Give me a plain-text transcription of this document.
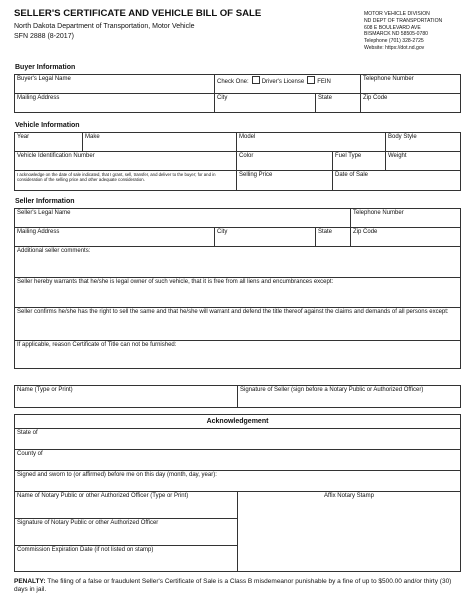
SELLER'S CERTIFICATE AND VEHICLE BILL OF SALE
North Dakota Department of Transportation, Motor Vehicle
SFN 2888 (8-2017)
MOTOR VEHICLE DIVISION
ND DEPT OF TRANSPORTATION
608 E BOULEVARD AVE
BISMARCK ND 58505-0780
Telephone (701) 328-2725
Website: https://dot.nd.gov
Buyer Information
Buyer's Legal Name	Check One: Driver's License FEIN		Telephone Number
Mailing Address	City	State	Zip Code
Vehicle Information
Year	Make	Model		Body Style
Vehicle Identification Number		Color	Fuel Type	Weight
I acknowledge on the date of sale indicated, that I grant, sell, transfer, and deliver to the buyer; for and in consideration of the selling price and other adequate consideration.		Selling Price	Date of Sale	
Seller Information
Seller's Legal Name			Telephone Number
Mailing Address	City	State	Zip Code
Additional seller comments:			
Seller hereby warrants that he/she is legal owner of such vehicle, that it is free from all liens and encumbrances except:			
Seller confirms he/she has the right to sell the same and that he/she will warrant and defend the title thereof against the claims and demands of all persons except:			
If applicable, reason Certificate of Title can not be furnished:			
Name (Type or Print)	Signature of Seller (sign before a Notary Public or Authorized Officer)
Acknowledgement
State of
County of
Signed and sworn to (or affirmed) before me on this day (month, day, year):
Name of Notary Public or other Authorized Officer (Type or Print)	Affix Notary Stamp
Signature of Notary Public or other Authorized Officer
Commission Expiration Date (if not listed on stamp)
PENALTY: The filing of a false or fraudulent Seller's Certificate of Sale is a Class B misdemeanor punishable by a fine of up to $500.00 and/or thirty (30) days in jail.
